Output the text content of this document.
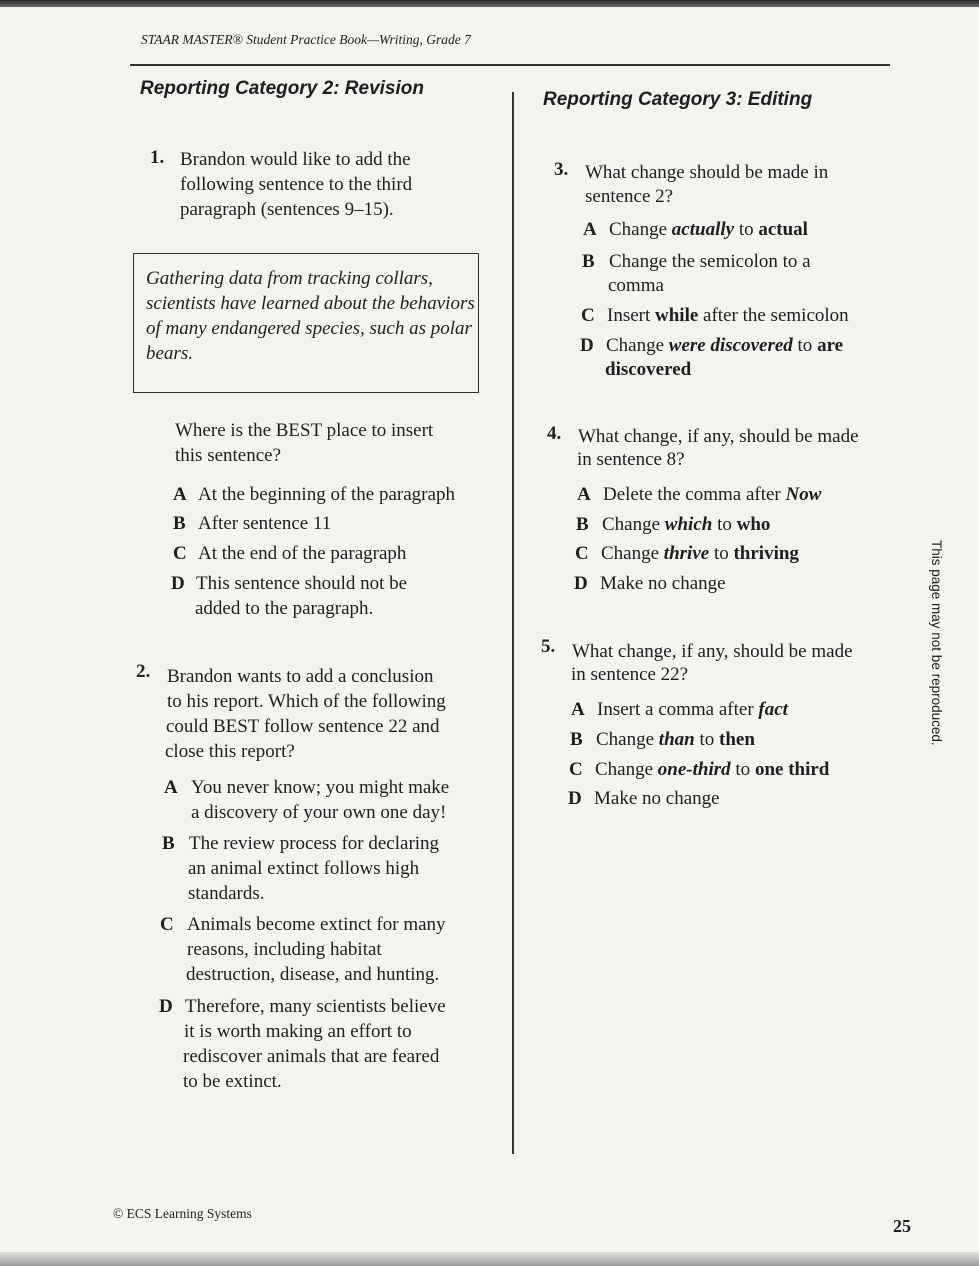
STAAR MASTER® Student Practice Book—Writing, Grade 7
Reporting Category 2: Revision
1. Brandon would like to add the
following sentence to the third
paragraph (sentences 9–15).
Gathering data from tracking collars,
scientists have learned about the behaviors
of many endangered species, such as polar
bears.
Where is the BEST place to insert
this sentence?
A At the beginning of the paragraph
B After sentence 11
C At the end of the paragraph
D This sentence should not be
added to the paragraph.
2. Brandon wants to add a conclusion
to his report. Which of the following
could BEST follow sentence 22 and
close this report?
A You never know; you might make
a discovery of your own one day!
B The review process for declaring
an animal extinct follows high
standards.
C Animals become extinct for many
reasons, including habitat
destruction, disease, and hunting.
D Therefore, many scientists believe
it is worth making an effort to
rediscover animals that are feared
to be extinct.
Reporting Category 3: Editing
3. What change should be made in
sentence 2?
A Change actually to actual
B Change the semicolon to a
comma
C Insert while after the semicolon
D Change were discovered to are
discovered
4. What change, if any, should be made
in sentence 8?
A Delete the comma after Now
B Change which to who
C Change thrive to thriving
D Make no change
5. What change, if any, should be made
in sentence 22?
A Insert a comma after fact
B Change than to then
C Change one-third to one third
D Make no change
This page may not be reproduced.
© ECS Learning Systems
25
